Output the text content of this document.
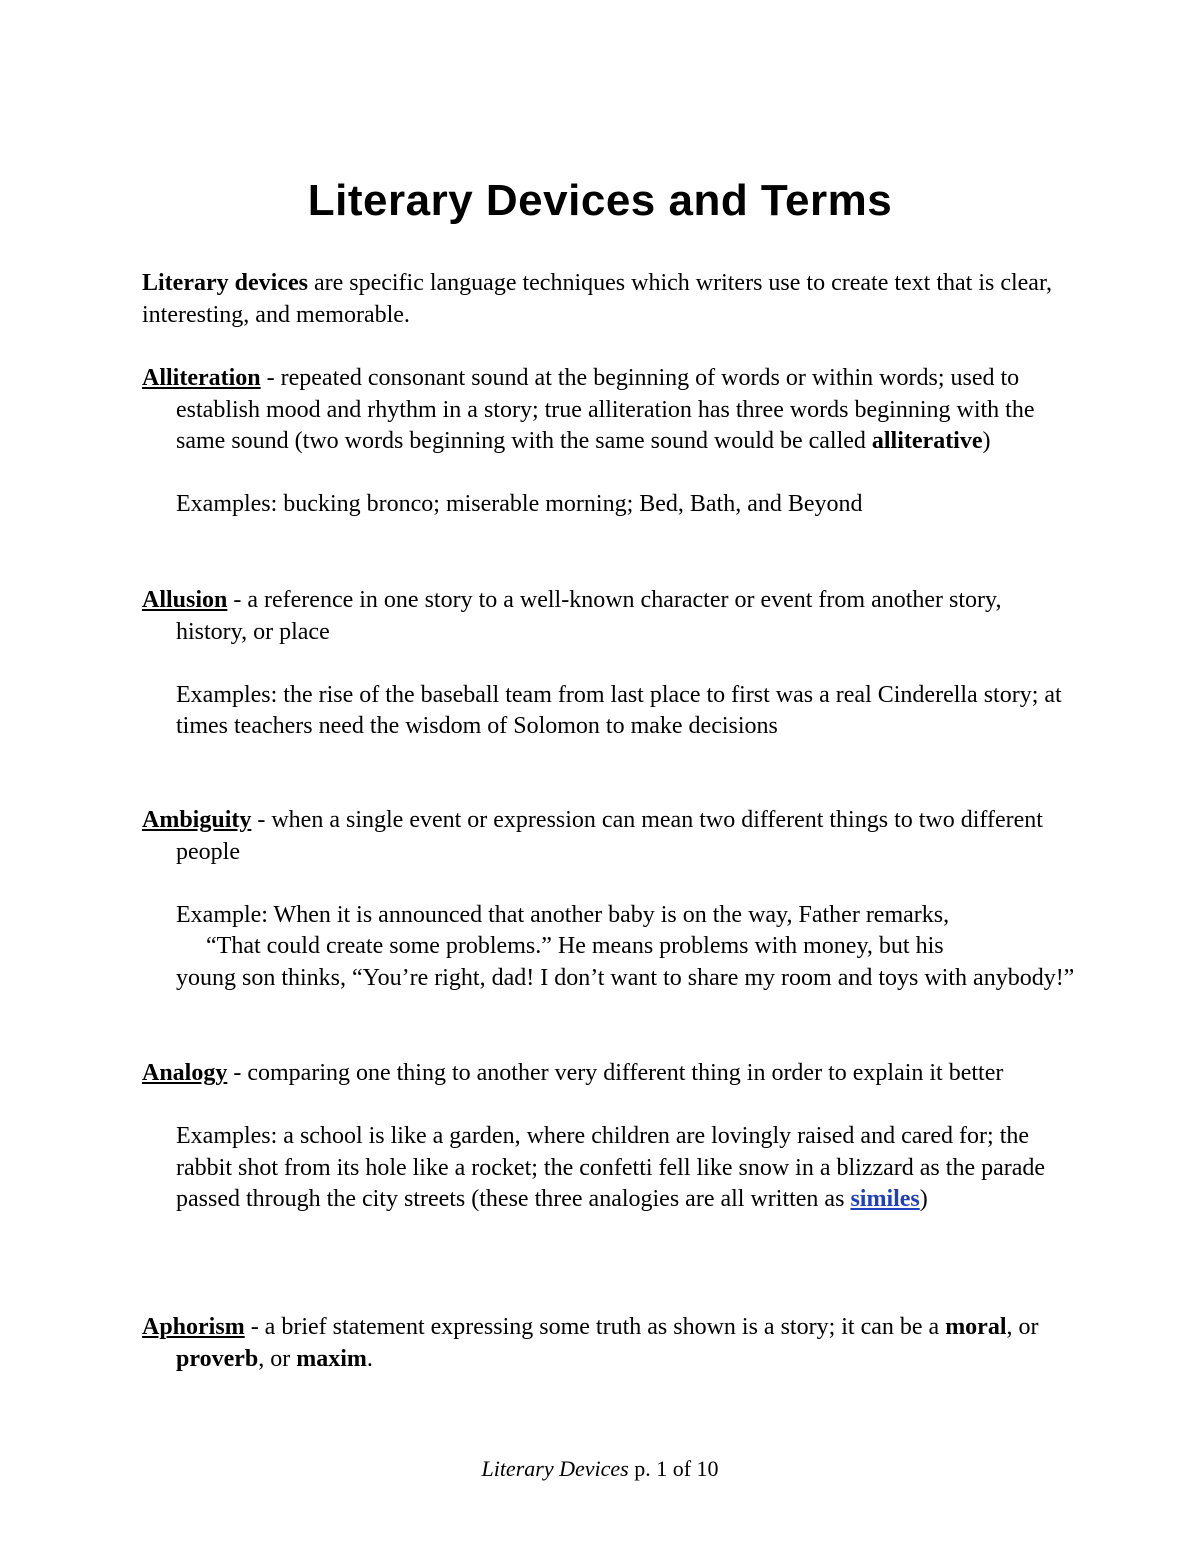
Literary Devices and Terms

Literary devices are specific language techniques which writers use to create text that is clear, interesting, and memorable.

Alliteration - repeated consonant sound at the beginning of words or within words; used to establish mood and rhythm in a story; true alliteration has three words beginning with the same sound (two words beginning with the same sound would be called alliterative)

Examples: bucking bronco; miserable morning; Bed, Bath, and Beyond

Allusion - a reference in one story to a well-known character or event from another story, history, or place

Examples: the rise of the baseball team from last place to first was a real Cinderella story; at times teachers need the wisdom of Solomon to make decisions

Ambiguity - when a single event or expression can mean two different things to two different people

Example: When it is announced that another baby is on the way, Father remarks,
“That could create some problems.” He means problems with money, but his
young son thinks, “You’re right, dad! I don’t want to share my room and toys with anybody!”

Analogy - comparing one thing to another very different thing in order to explain it better

Examples: a school is like a garden, where children are lovingly raised and cared for; the rabbit shot from its hole like a rocket; the confetti fell like snow in a blizzard as the parade passed through the city streets (these three analogies are all written as similes)

Aphorism - a brief statement expressing some truth as shown is a story; it can be a moral, or proverb, or maxim.

Literary Devices p. 1 of 10
